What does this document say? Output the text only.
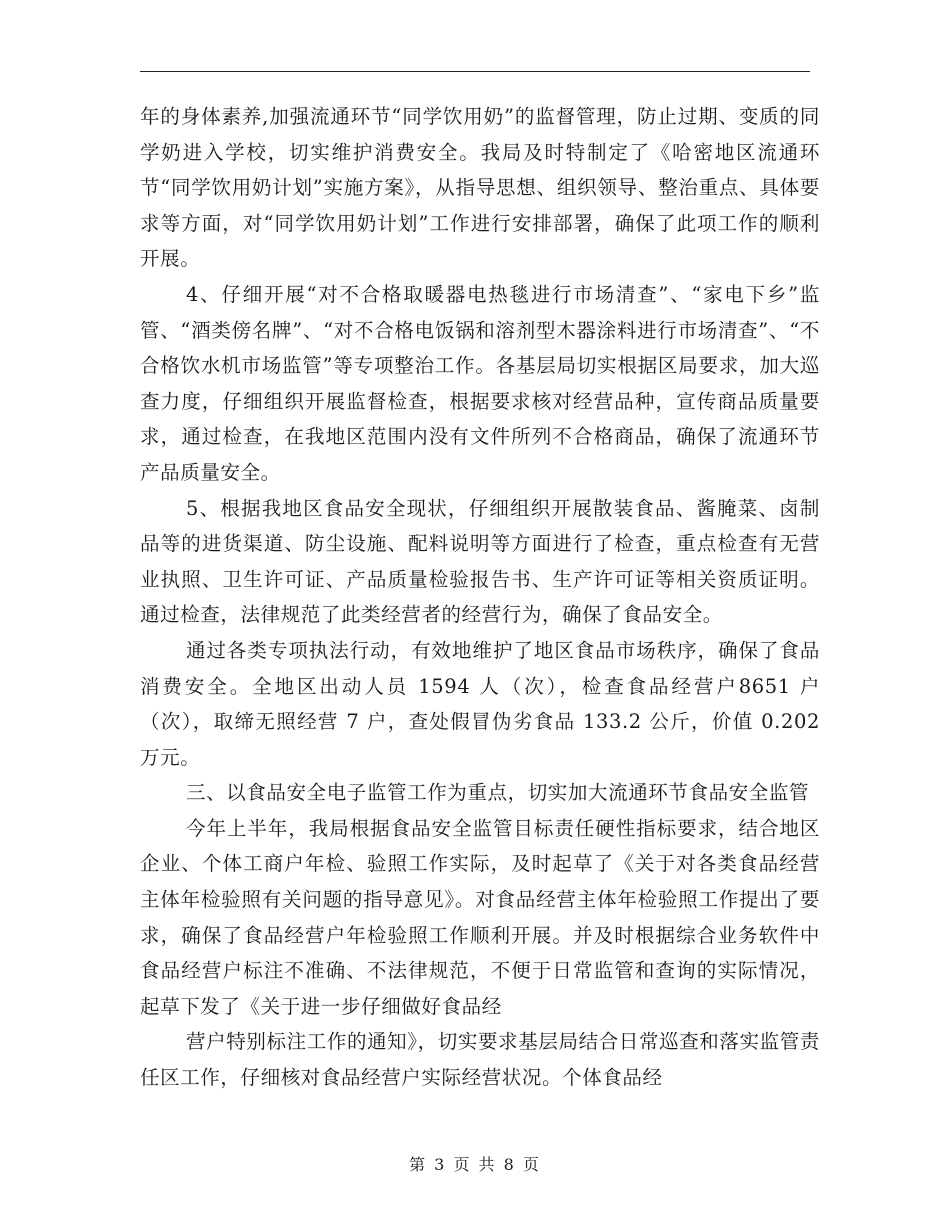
年的身体素养,加强流通环节“同学饮用奶”的监督管理，防止过期、变质的同学奶进入学校，切实维护消费安全。我局及时特制定了《哈密地区流通环节“同学饮用奶计划”实施方案》，从指导思想、组织领导、整治重点、具体要求等方面，对“同学饮用奶计划”工作进行安排部署，确保了此项工作的顺利开展。

4、仔细开展“对不合格取暖器电热毯进行市场清查”、“家电下乡”监管、“酒类傍名牌”、“对不合格电饭锅和溶剂型木器涂料进行市场清查”、“不合格饮水机市场监管”等专项整治工作。各基层局切实根据区局要求，加大巡查力度，仔细组织开展监督检查，根据要求核对经营品种，宣传商品质量要求，通过检查，在我地区范围内没有文件所列不合格商品，确保了流通环节产品质量安全。

5、根据我地区食品安全现状，仔细组织开展散装食品、酱腌菜、卤制品等的进货渠道、防尘设施、配料说明等方面进行了检查，重点检查有无营业执照、卫生许可证、产品质量检验报告书、生产许可证等相关资质证明。通过检查，法律规范了此类经营者的经营行为，确保了食品安全。

通过各类专项执法行动，有效地维护了地区食品市场秩序，确保了食品消费安全。全地区出动人员 1594 人（次），检查食品经营户8651 户（次），取缔无照经营 7 户，查处假冒伪劣食品 133.2 公斤，价值 0.202 万元。

三、以食品安全电子监管工作为重点，切实加大流通环节食品安全监管

今年上半年，我局根据食品安全监管目标责任硬性指标要求，结合地区企业、个体工商户年检、验照工作实际，及时起草了《关于对各类食品经营主体年检验照有关问题的指导意见》。对食品经营主体年检验照工作提出了要求，确保了食品经营户年检验照工作顺利开展。并及时根据综合业务软件中食品经营户标注不准确、不法律规范，不便于日常监管和查询的实际情况，起草下发了《关于进一步仔细做好食品经

营户特别标注工作的通知》，切实要求基层局结合日常巡查和落实监管责任区工作，仔细核对食品经营户实际经营状况。个体食品经

第 3 页 共 8 页
